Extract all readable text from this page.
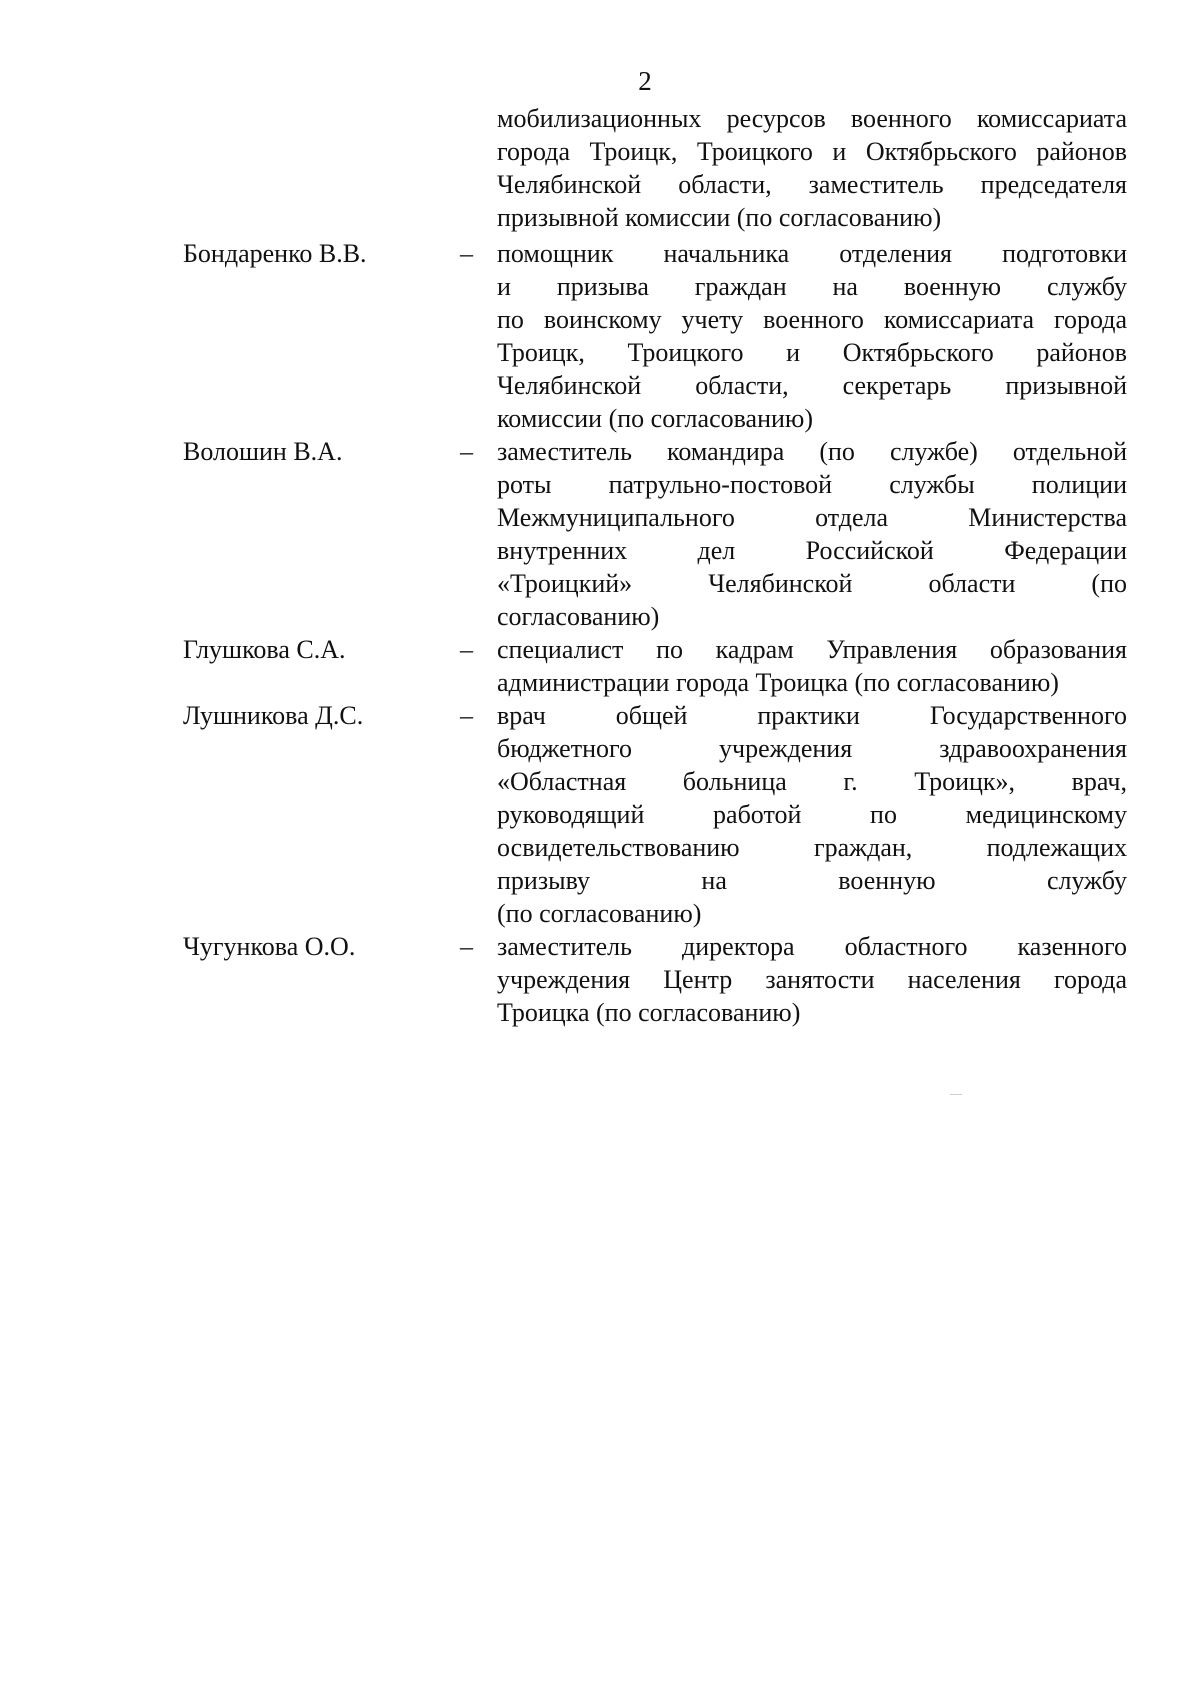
2
мобилизационных ресурсов военного комиссариата
города Троицк, Троицкого и Октябрьского районов
Челябинской области, заместитель председателя
призывной комиссии (по согласованию)
Бондаренко В.В.	– помощник начальника отделения подготовки
и призыва граждан на военную службу
по воинскому учету военного комиссариата города
Троицк, Троицкого и Октябрьского районов
Челябинской области, секретарь призывной
комиссии (по согласованию)
Волошин В.А.	– заместитель командира (по службе) отдельной
роты патрульно-постовой службы полиции
Межмуниципального отдела Министерства
внутренних дел Российской Федерации
«Троицкий» Челябинской области (по
согласованию)
Глушкова С.А.	– специалист по кадрам Управления образования
администрации города Троицка (по согласованию)
Лушникова Д.С.	– врач общей практики Государственного
бюджетного учреждения здравоохранения
«Областная больница г. Троицк», врач,
руководящий работой по медицинскому
освидетельствованию граждан, подлежащих
призыву на военную службу
(по согласованию)
Чугункова О.О.	– заместитель директора областного казенного
учреждения Центр занятости населения города
Троицка (по согласованию)
